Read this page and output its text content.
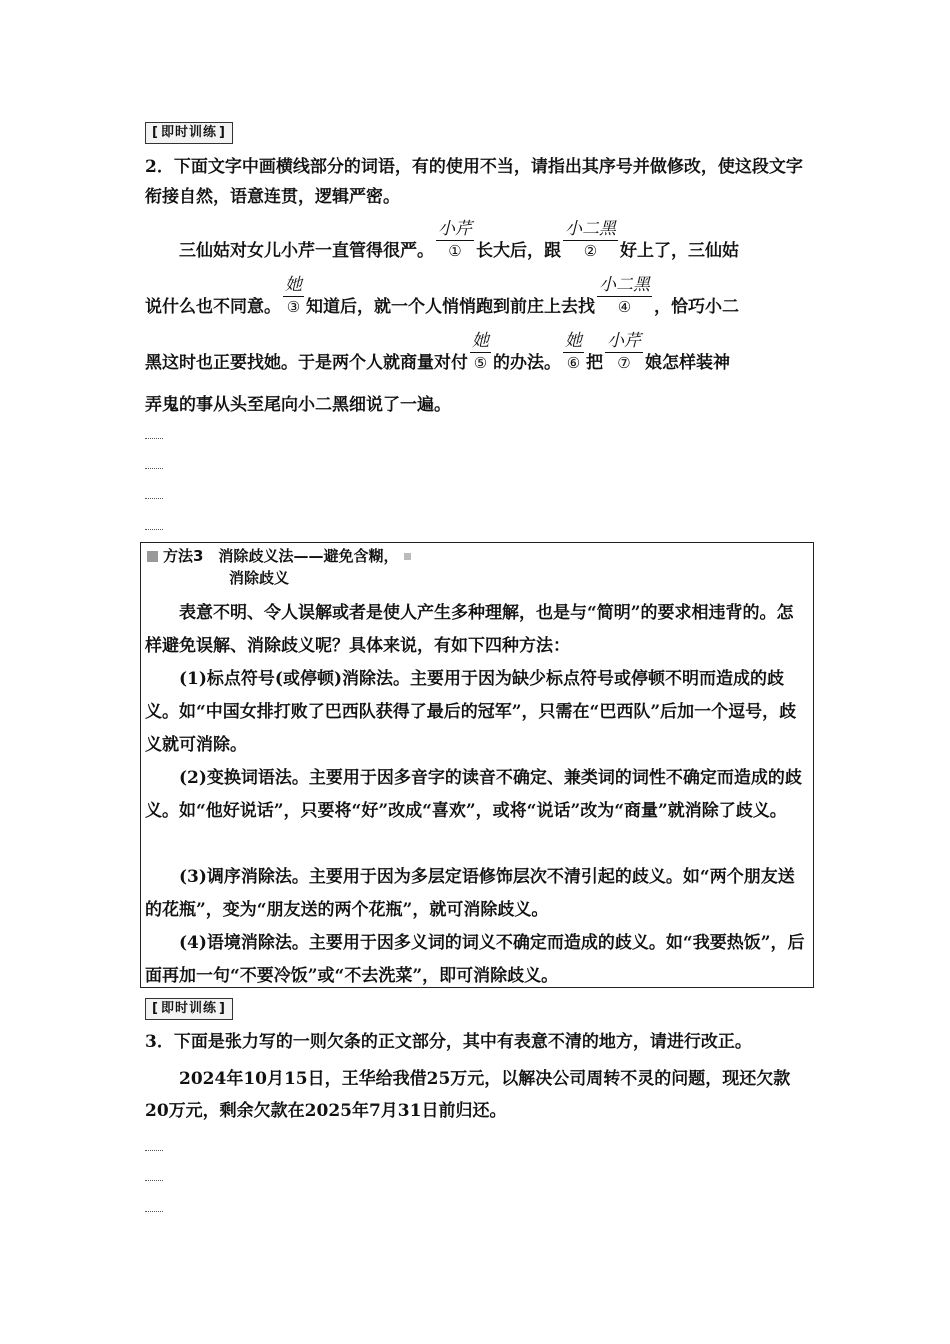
[ 即时训练 ]

2．下面文字中画横线部分的词语，有的使用不当，请指出其序号并做修改，使这段文字衔接自然，语意连贯，逻辑严密。

三仙姑对女儿小芹一直管得很严。
小芹
① 长大后，跟
小二黑
②	好上了，三仙姑
说什么也不同意。
她
③ 知道后，就一个人悄悄跑到前庄上去找
小二黑
④	，恰巧小二
黑这时也正要找她。于是两个人就商量对付
她
⑤ 的办法。
她
⑥ 把
小芹
⑦ 娘怎样装神
弄鬼的事从头至尾向小二黑细说了一遍。
方法3　消除歧义法——避免含糊，
消除歧义

表意不明、令人误解或者是使人产生多种理解，也是与“简明”的要求相违背的。怎样避免误解、消除歧义呢？具体来说，有如下四种方法：

(1)标点符号(或停顿)消除法。主要用于因为缺少标点符号或停顿不明而造成的歧义。如“中国女排打败了巴西队获得了最后的冠军”，只需在“巴西队”后加一个逗号，歧义就可消除。

(2)变换词语法。主要用于因多音字的读音不确定、兼类词的词性不确定而造成的歧义。如“他好说话”，只要将“好”改成“喜欢”，或将“说话”改为“商量”就消除了歧义。

(3)调序消除法。主要用于因为多层定语修饰层次不清引起的歧义。如“两个朋友送的花瓶”，变为“朋友送的两个花瓶”，就可消除歧义。

(4)语境消除法。主要用于因多义词的词义不确定而造成的歧义。如“我要热饭”，后面再加一句“不要冷饭”或“不去洗菜”，即可消除歧义。

[ 即时训练 ]

3．下面是张力写的一则欠条的正文部分，其中有表意不清的地方，请进行改正。

2024年10月15日，王华给我借25万元，以解决公司周转不灵的问题，现还欠款20万元，剩余欠款在2025年7月31日前归还。
